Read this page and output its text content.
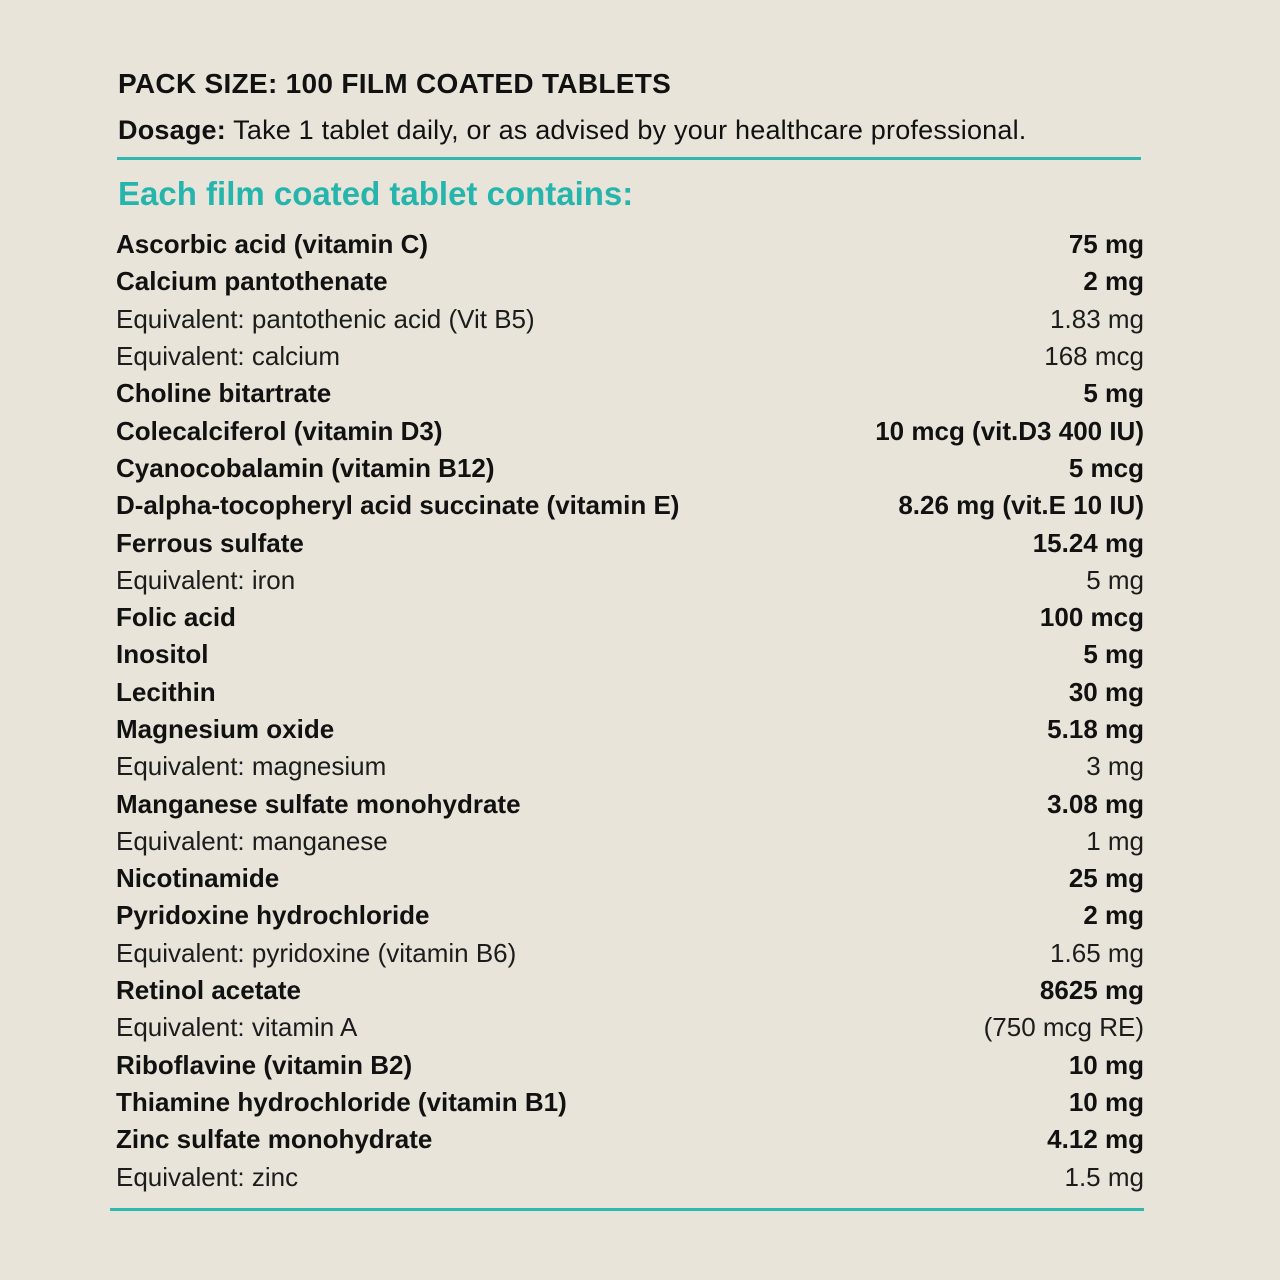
PACK SIZE: 100 FILM COATED TABLETS
Dosage: Take 1 tablet daily, or as advised by your healthcare professional.
Each film coated tablet contains:
Ascorbic acid (vitamin C)	75 mg
Calcium pantothenate	2 mg
Equivalent: pantothenic acid (Vit B5)	1.83 mg
Equivalent: calcium	168 mcg
Choline bitartrate	5 mg
Colecalciferol (vitamin D3)	10 mcg (vit.D3 400 IU)
Cyanocobalamin (vitamin B12)	5 mcg
D-alpha-tocopheryl acid succinate (vitamin E)	8.26 mg (vit.E 10 IU)
Ferrous sulfate	15.24 mg
Equivalent: iron	5 mg
Folic acid	100 mcg
Inositol	5 mg
Lecithin	30 mg
Magnesium oxide	5.18 mg
Equivalent: magnesium	3 mg
Manganese sulfate monohydrate	3.08 mg
Equivalent: manganese	1 mg
Nicotinamide	25 mg
Pyridoxine hydrochloride	2 mg
Equivalent: pyridoxine (vitamin B6)	1.65 mg
Retinol acetate	8625 mg
Equivalent: vitamin A	(750 mcg RE)
Riboflavine (vitamin B2)	10 mg
Thiamine hydrochloride (vitamin B1)	10 mg
Zinc sulfate monohydrate	4.12 mg
Equivalent: zinc	1.5 mg
